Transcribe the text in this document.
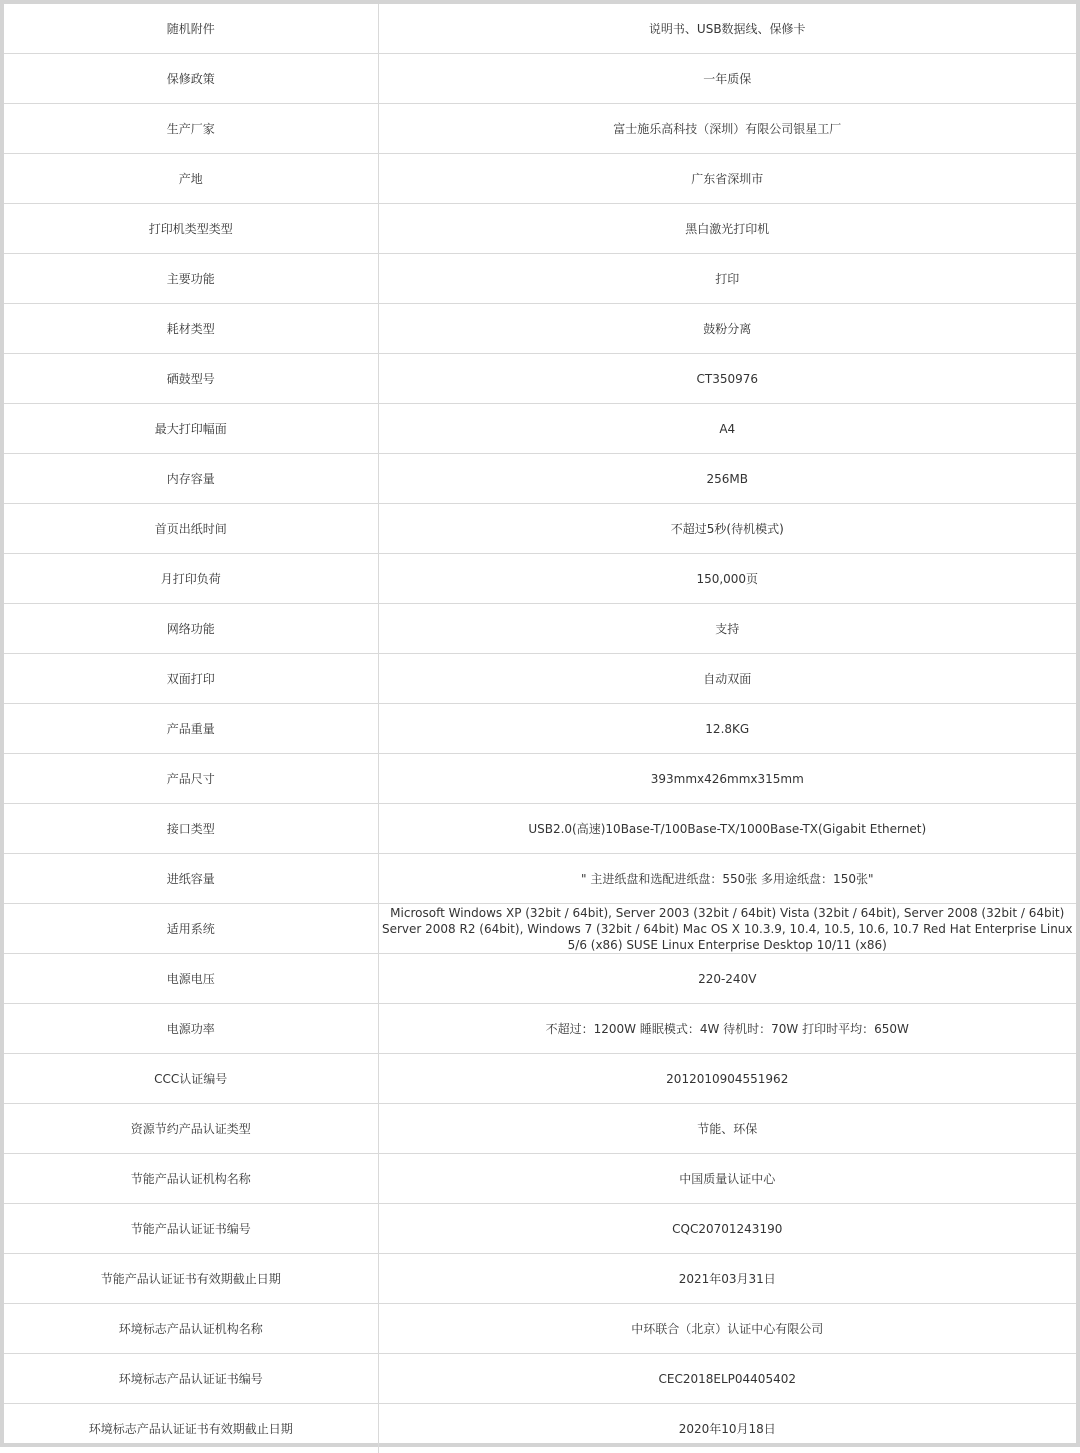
随机附件	说明书、USB数据线、保修卡
保修政策	一年质保
生产厂家	富士施乐高科技（深圳）有限公司银星工厂
产地	广东省深圳市
打印机类型类型	黑白激光打印机
主要功能	打印
耗材类型	鼓粉分离
硒鼓型号	CT350976
最大打印幅面	A4
内存容量	256MB
首页出纸时间	不超过5秒(待机模式)
月打印负荷	150,000页
网络功能	支持
双面打印	自动双面
产品重量	12.8KG
产品尺寸	393mmx426mmx315mm
接口类型	USB2.0(高速)10Base-T/100Base-TX/1000Base-TX(Gigabit Ethernet)
进纸容量	" 主进纸盘和选配进纸盘：550张 多用途纸盘：150张"
适用系统	Microsoft Windows XP (32bit / 64bit), Server 2003 (32bit / 64bit) Vista (32bit / 64bit), Server 2008 (32bit / 64bit) Server 2008 R2 (64bit), Windows 7 (32bit / 64bit) Mac OS X 10.3.9, 10.4, 10.5, 10.6, 10.7 Red Hat Enterprise Linux 5/6 (x86) SUSE Linux Enterprise Desktop 10/11 (x86)
电源电压	220-240V
电源功率	不超过：1200W 睡眠模式：4W 待机时：70W 打印时平均：650W
CCC认证编号	2012010904551962
资源节约产品认证类型	节能、环保
节能产品认证机构名称	中国质量认证中心
节能产品认证证书编号	CQC20701243190
节能产品认证证书有效期截止日期	2021年03月31日
环境标志产品认证机构名称	中环联合（北京）认证中心有限公司
环境标志产品认证证书编号	CEC2018ELP04405402
环境标志产品认证证书有效期截止日期	2020年10月18日
